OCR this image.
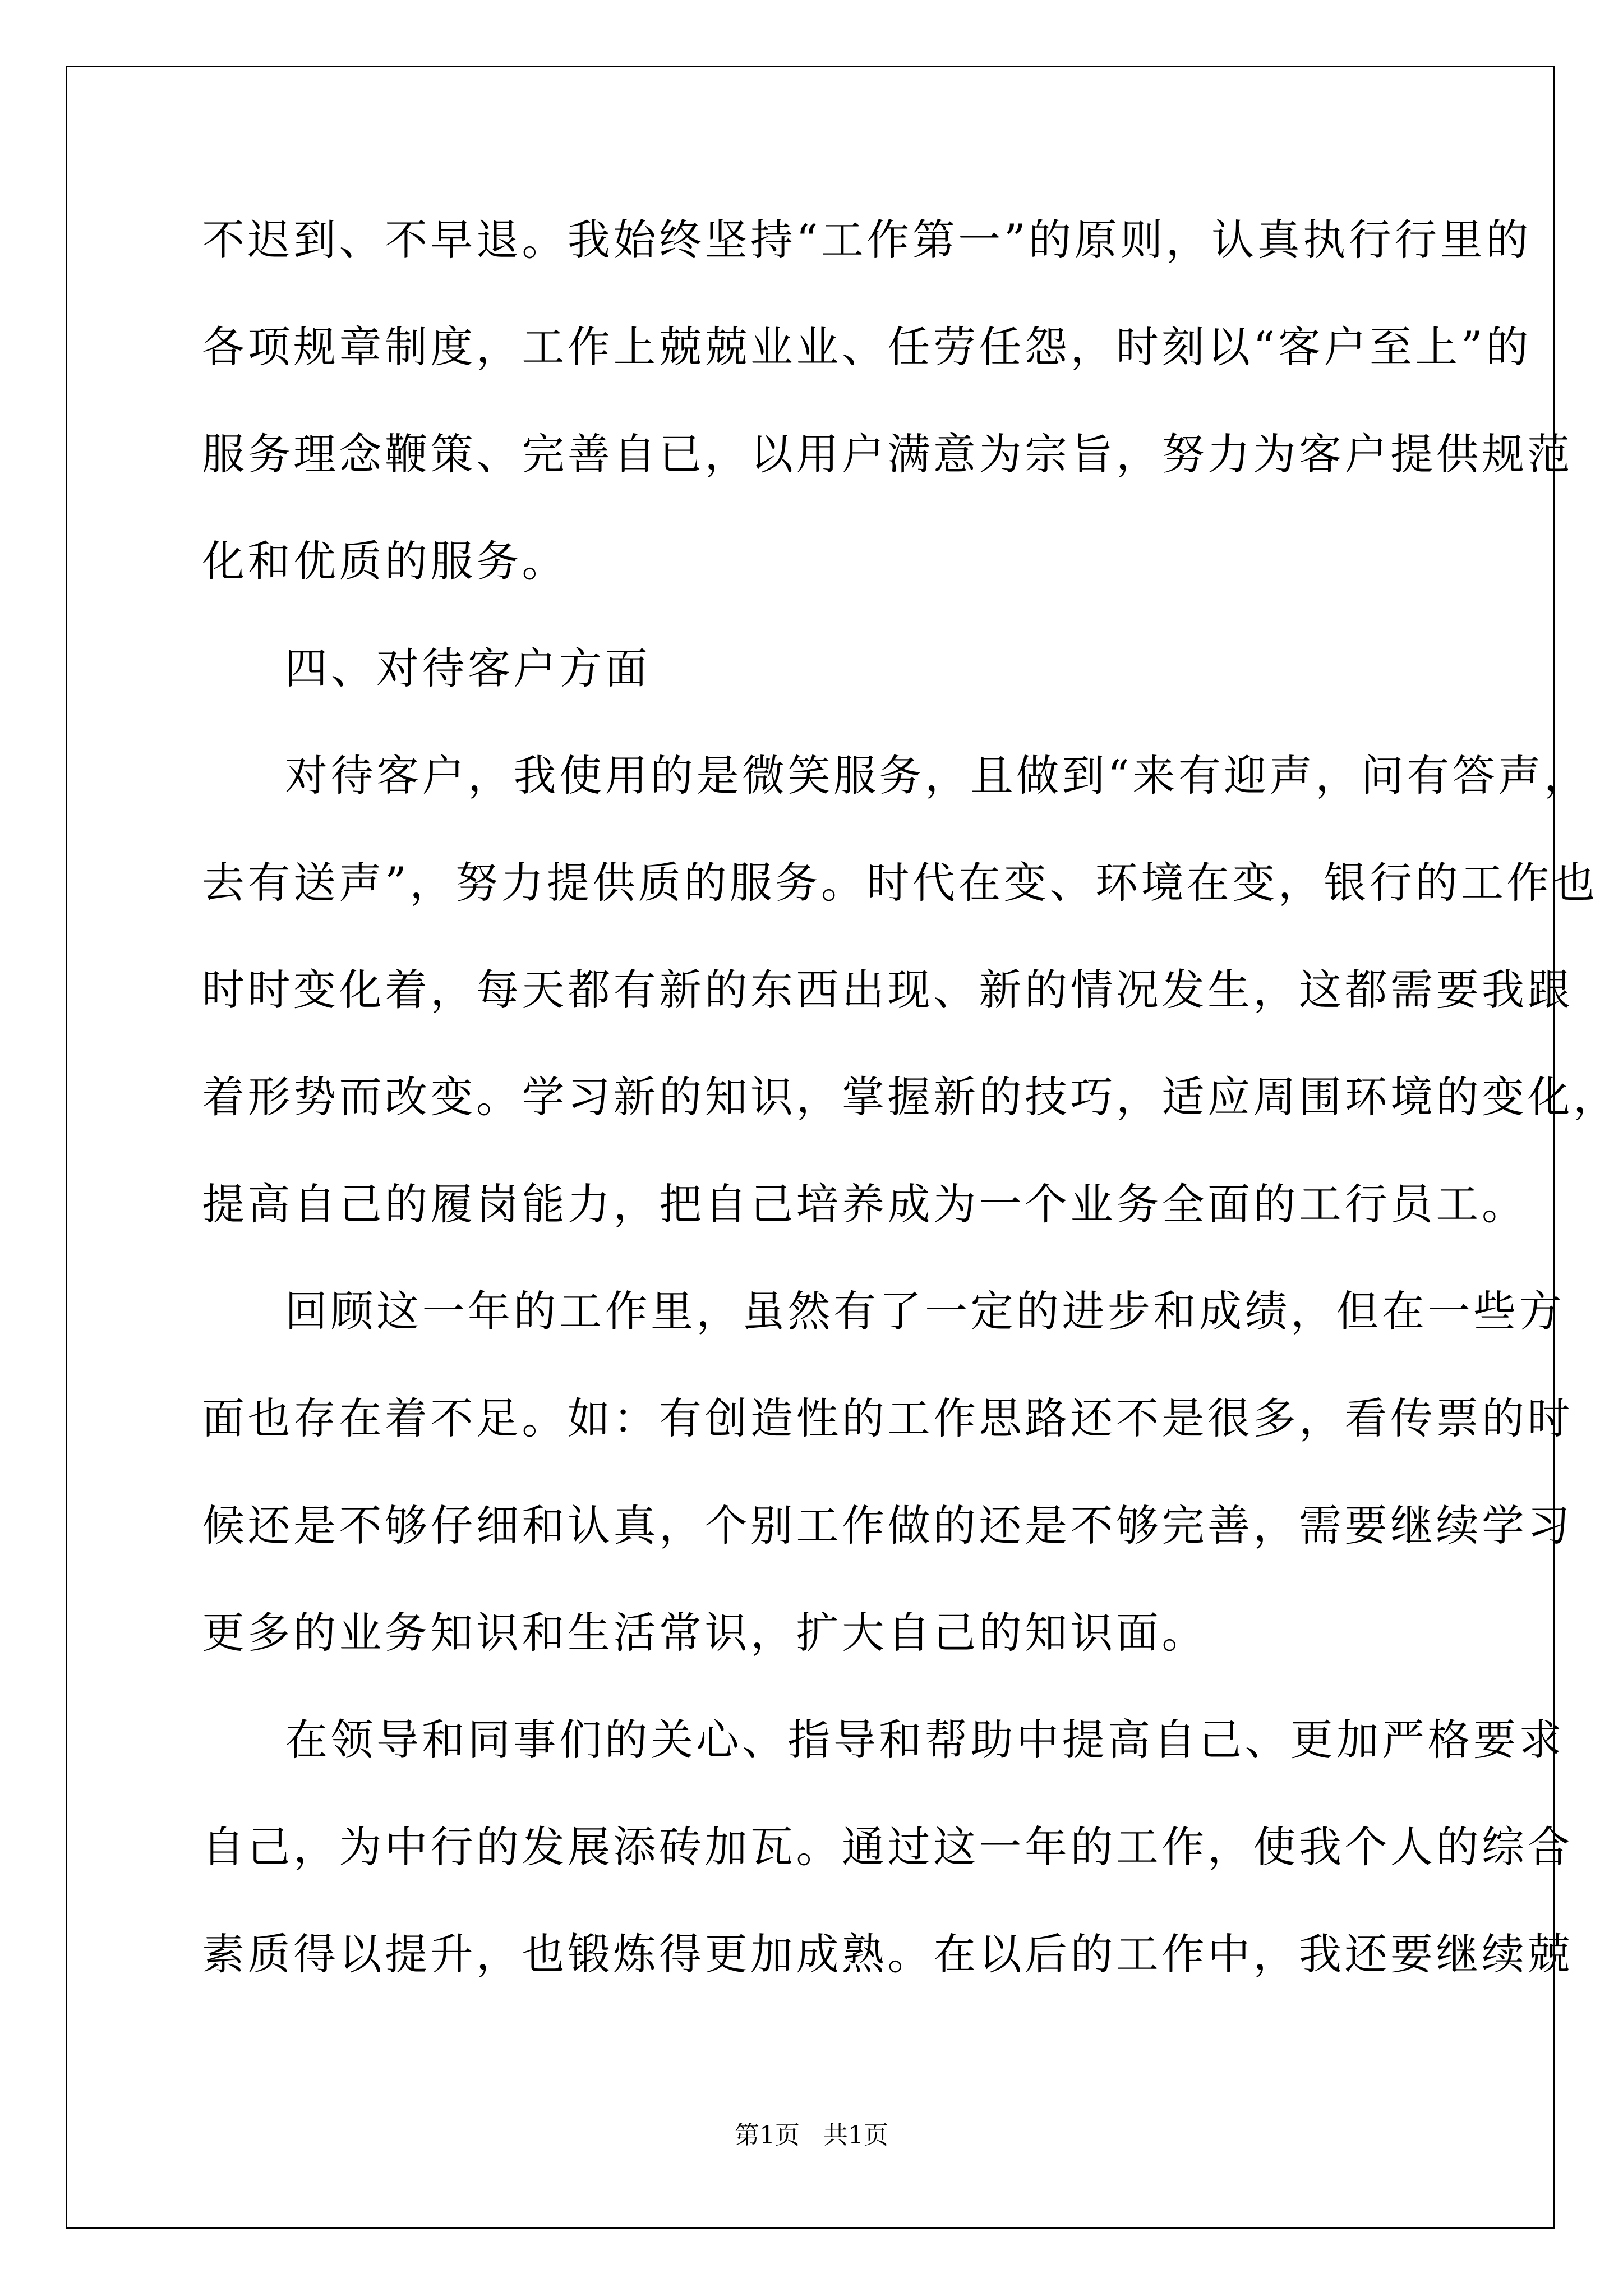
不迟到、不早退。我始终坚持“工作第一”的原则，认真执行行里的
各项规章制度，工作上兢兢业业、任劳任怨，时刻以“客户至上”的
服务理念鞭策、完善自已，以用户满意为宗旨，努力为客户提供规范
化和优质的服务。
四、对待客户方面
对待客户，我使用的是微笑服务，且做到“来有迎声，问有答声，
去有送声”，努力提供质的服务。时代在变、环境在变，银行的工作也
时时变化着，每天都有新的东西出现、新的情况发生，这都需要我跟
着形势而改变。学习新的知识，掌握新的技巧，适应周围环境的变化，
提高自己的履岗能力，把自己培养成为一个业务全面的工行员工。
回顾这一年的工作里，虽然有了一定的进步和成绩，但在一些方
面也存在着不足。如：有创造性的工作思路还不是很多，看传票的时
候还是不够仔细和认真，个别工作做的还是不够完善，需要继续学习
更多的业务知识和生活常识，扩大自己的知识面。
在领导和同事们的关心、指导和帮助中提高自己、更加严格要求
自己，为中行的发展添砖加瓦。通过这一年的工作，使我个人的综合
素质得以提升，也锻炼得更加成熟。在以后的工作中，我还要继续兢
第1页   共1页
